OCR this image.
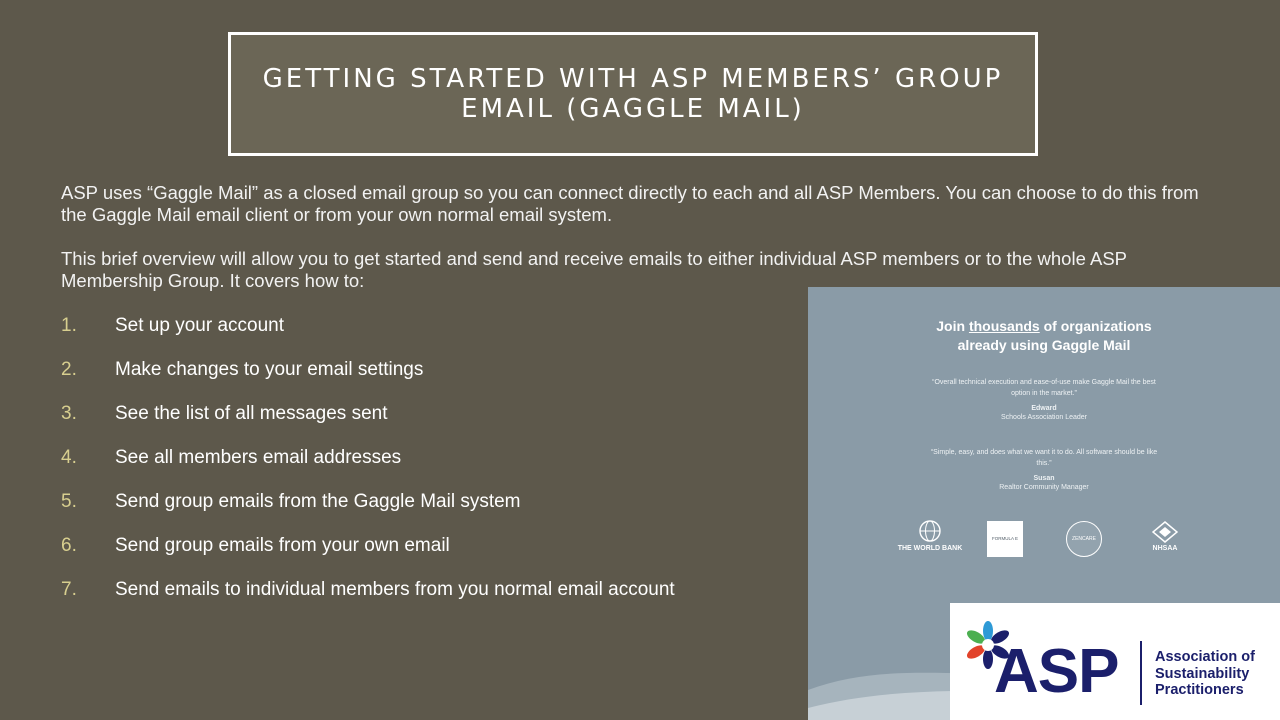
GETTING STARTED WITH ASP MEMBERS’ GROUP EMAIL (GAGGLE MAIL)
ASP uses “Gaggle Mail” as a closed email group so you can connect directly to each and all ASP Members. You can choose to do this from the Gaggle Mail email client or from your own normal email system.
This brief overview will allow you to get started and send and receive emails to either individual ASP members or to the whole ASP Membership Group. It covers how to:
1.	Set up your account
2.	Make changes to your email settings
3.	See the list of all messages sent
4.	See all members email addresses
5.	Send group emails from the Gaggle Mail system
6.	Send group emails from your own email
7.	Send emails to individual members from you normal email account
Join thousands of organizations
already using Gaggle Mail
“Overall technical execution and ease-of-use make Gaggle Mail the best option in the market.”
Edward
Schools Association Leader
“Simple, easy, and does what we want it to do. All software should be like this.”
Susan
Realtor Community Manager
THE WORLD BANK
FORMULA E	ZENCARE
NHSAA
ASP	Association of
Sustainability
Practitioners
